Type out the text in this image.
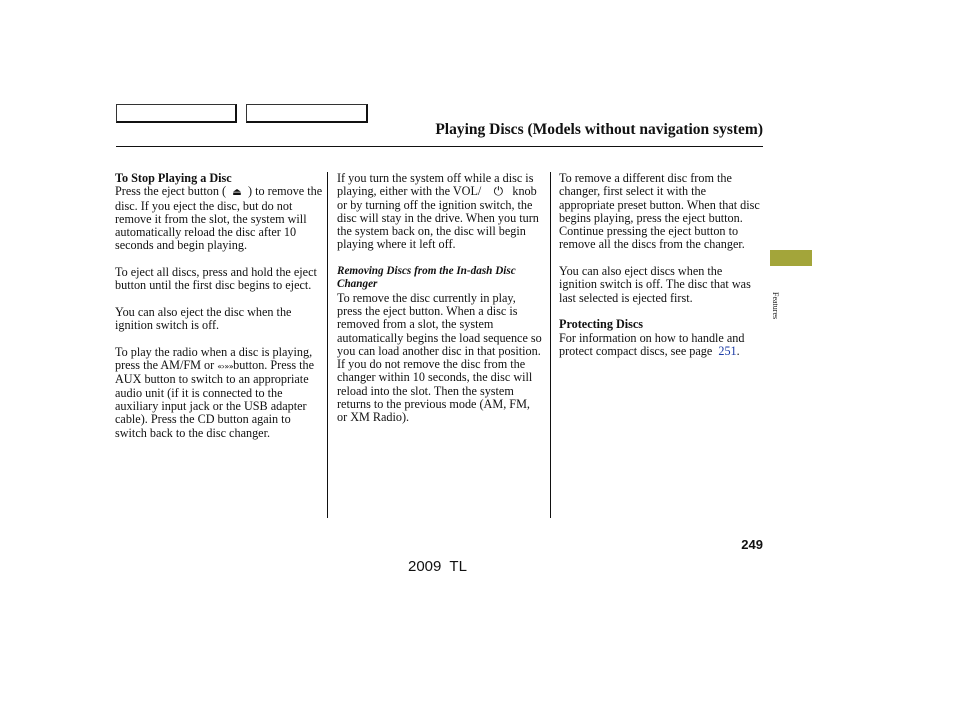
Playing Discs (Models without navigation system)

To Stop Playing a Disc
Press the eject button ( ⏏ ) to remove the disc. If you eject the disc, but do not remove it from the slot, the system will automatically reload the disc after 10 seconds and begin playing.

To eject all discs, press and hold the eject button until the first disc begins to eject.

You can also eject the disc when the ignition switch is off.

To play the radio when a disc is playing, press the AM/FM or «›»»button. Press the AUX button to switch to an appropriate audio unit (if it is connected to the auxiliary input jack or the USB adapter cable). Press the CD button again to switch back to the disc changer.

If you turn the system off while a disc is playing, either with the VOL/ ⏻ knob or by turning off the ignition switch, the disc will stay in the drive. When you turn the system back on, the disc will begin playing where it left off.

Removing Discs from the In-dash Disc Changer
To remove the disc currently in play, press the eject button. When a disc is removed from a slot, the system automatically begins the load sequence so you can load another disc in that position. If you do not remove the disc from the changer within 10 seconds, the disc will reload into the slot. Then the system returns to the previous mode (AM, FM, or XM Radio).

To remove a different disc from the changer, first select it with the appropriate preset button. When that disc begins playing, press the eject button. Continue pressing the eject button to remove all the discs from the changer.

You can also eject discs when the ignition switch is off. The disc that was last selected is ejected first.

Protecting Discs
For information on how to handle and protect compact discs, see page 251.

Features
249
2009  TL
